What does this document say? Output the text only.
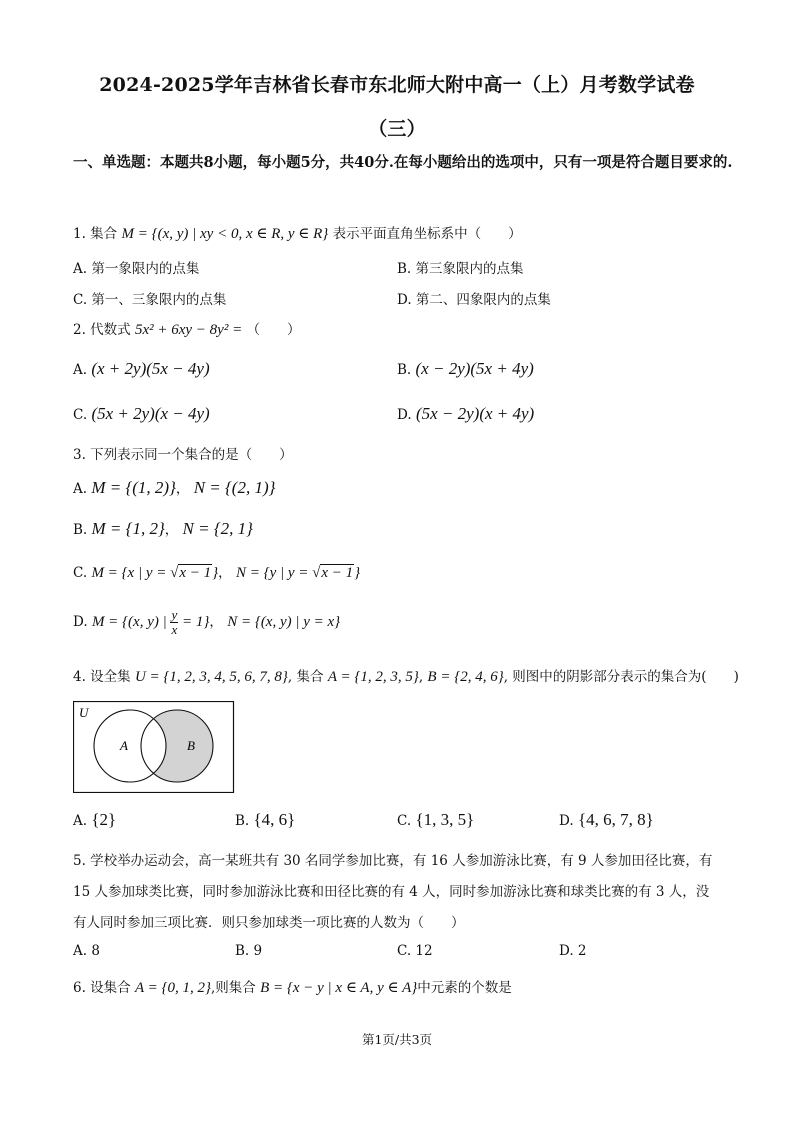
2024-2025学年吉林省长春市东北师大附中高一（上）月考数学试卷
（三）
一、单选题：本题共8小题，每小题5分，共40分.在每小题给出的选项中，只有一项是符合题目要求的.
1. 集合 M = {(x, y) | xy < 0, x ∈ R, y ∈ R} 表示平面直角坐标系中（　　）
A. 第一象限内的点集	B. 第三象限内的点集
C. 第一、三象限内的点集	D. 第二、四象限内的点集
2. 代数式 5x² + 6xy − 8y² = （　　）
A. (x + 2y)(5x − 4y)	B. (x − 2y)(5x + 4y)
C. (5x + 2y)(x − 4y)	D. (5x − 2y)(x + 4y)
3. 下列表示同一个集合的是（　　）
A. M = {(1, 2)}， N = {(2, 1)}
B. M = {1, 2}， N = {2, 1}
C. M = {x | y = √x − 1}， N = {y | y = √x − 1}
D. M = {(x, y) | $\frac{y}{x} = 1$}， N = {(x, y) | y = x}
4. 设全集 U = {1, 2, 3, 4, 5, 6, 7, 8}, 集合 A = {1, 2, 3, 5}, B = {2, 4, 6}, 则图中的阴影部分表示的集合为(　　)
U
A	B
A. {2}	B. {4, 6}	C. {1, 3, 5}	D. {4, 6, 7, 8}
5. 学校举办运动会，高一某班共有 30 名同学参加比赛，有 16 人参加游泳比赛，有 9 人参加田径比赛，有
15 人参加球类比赛，同时参加游泳比赛和田径比赛的有 4 人，同时参加游泳比赛和球类比赛的有 3 人，没
有人同时参加三项比赛．则只参加球类一项比赛的人数为（　　）
A. 8	B. 9	C. 12	D. 2
6. 设集合 A = {0, 1, 2},则集合 B = {x − y | x ∈ A, y ∈ A}中元素的个数是
第1页/共3页
